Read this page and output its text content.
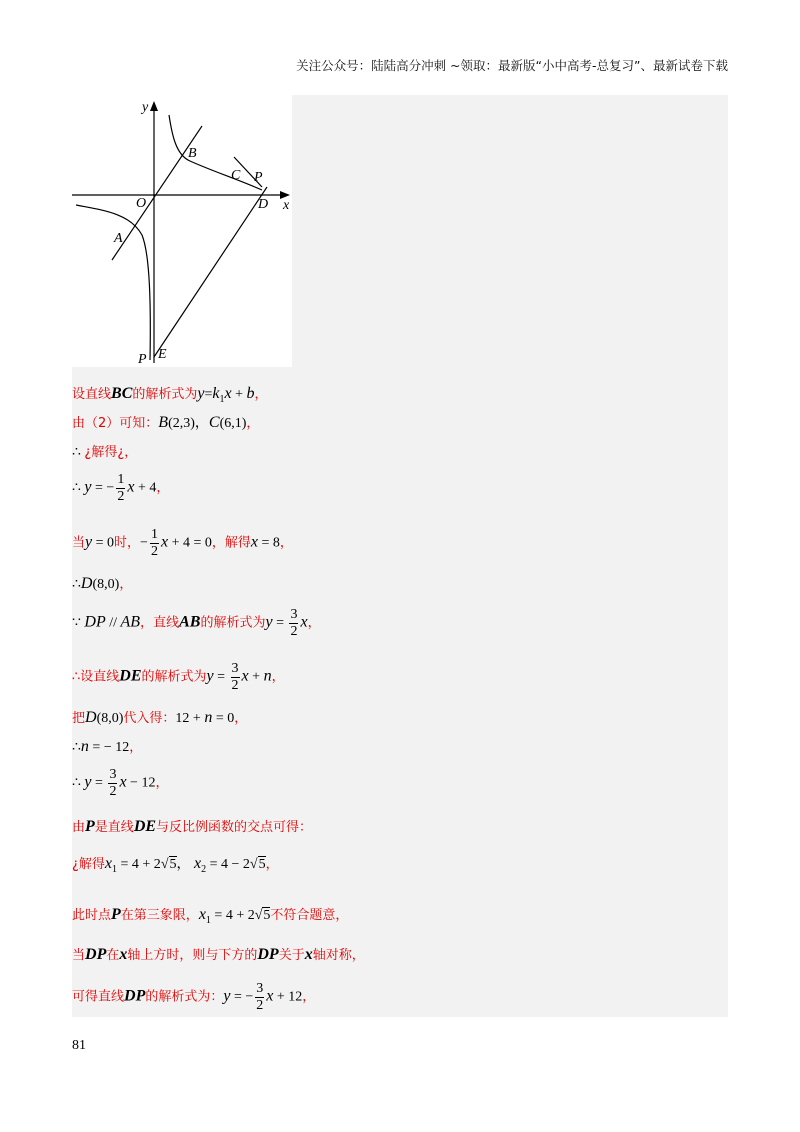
关注公众号：陆陆高分冲刺 ~领取：最新版“小中高考-总复习”、最新试卷下载
y
x
O
A
B
C P
D
P E
设直线BC的解析式为$y=k_1x + b$，
由（2）可知：B(2,3)，C(6,1)，
∴ ¿解得¿，
∴ y = − $\frac{1}{2}$ x + 4，
当y = 0时，− $\frac{1}{2}$ x + 4 = 0，解得x = 8，
∴D(8,0)，
∵ DP // AB，直线AB的解析式为$y = \frac{3}{2}$ x，
∴设直线DE的解析式为$y = \frac{3}{2}$ x + n，
把D(8,0)代入得：12 + n = 0，
∴n = − 12，
∴ $y = \frac{3}{2}$ x − 12，
由P是直线DE与反比例函数的交点可得：
¿解得$x_1 = 4 + 2√5$， $x_2 = 4 - 2√5$，
此时点P在第三象限，$x_1 = 4 + 2√5$不符合题意，
当DP在x轴上方时，则与下方的DP关于x轴对称，
可得直线DP的解析式为：y = − $\frac{3}{2}$ x + 12，
81
